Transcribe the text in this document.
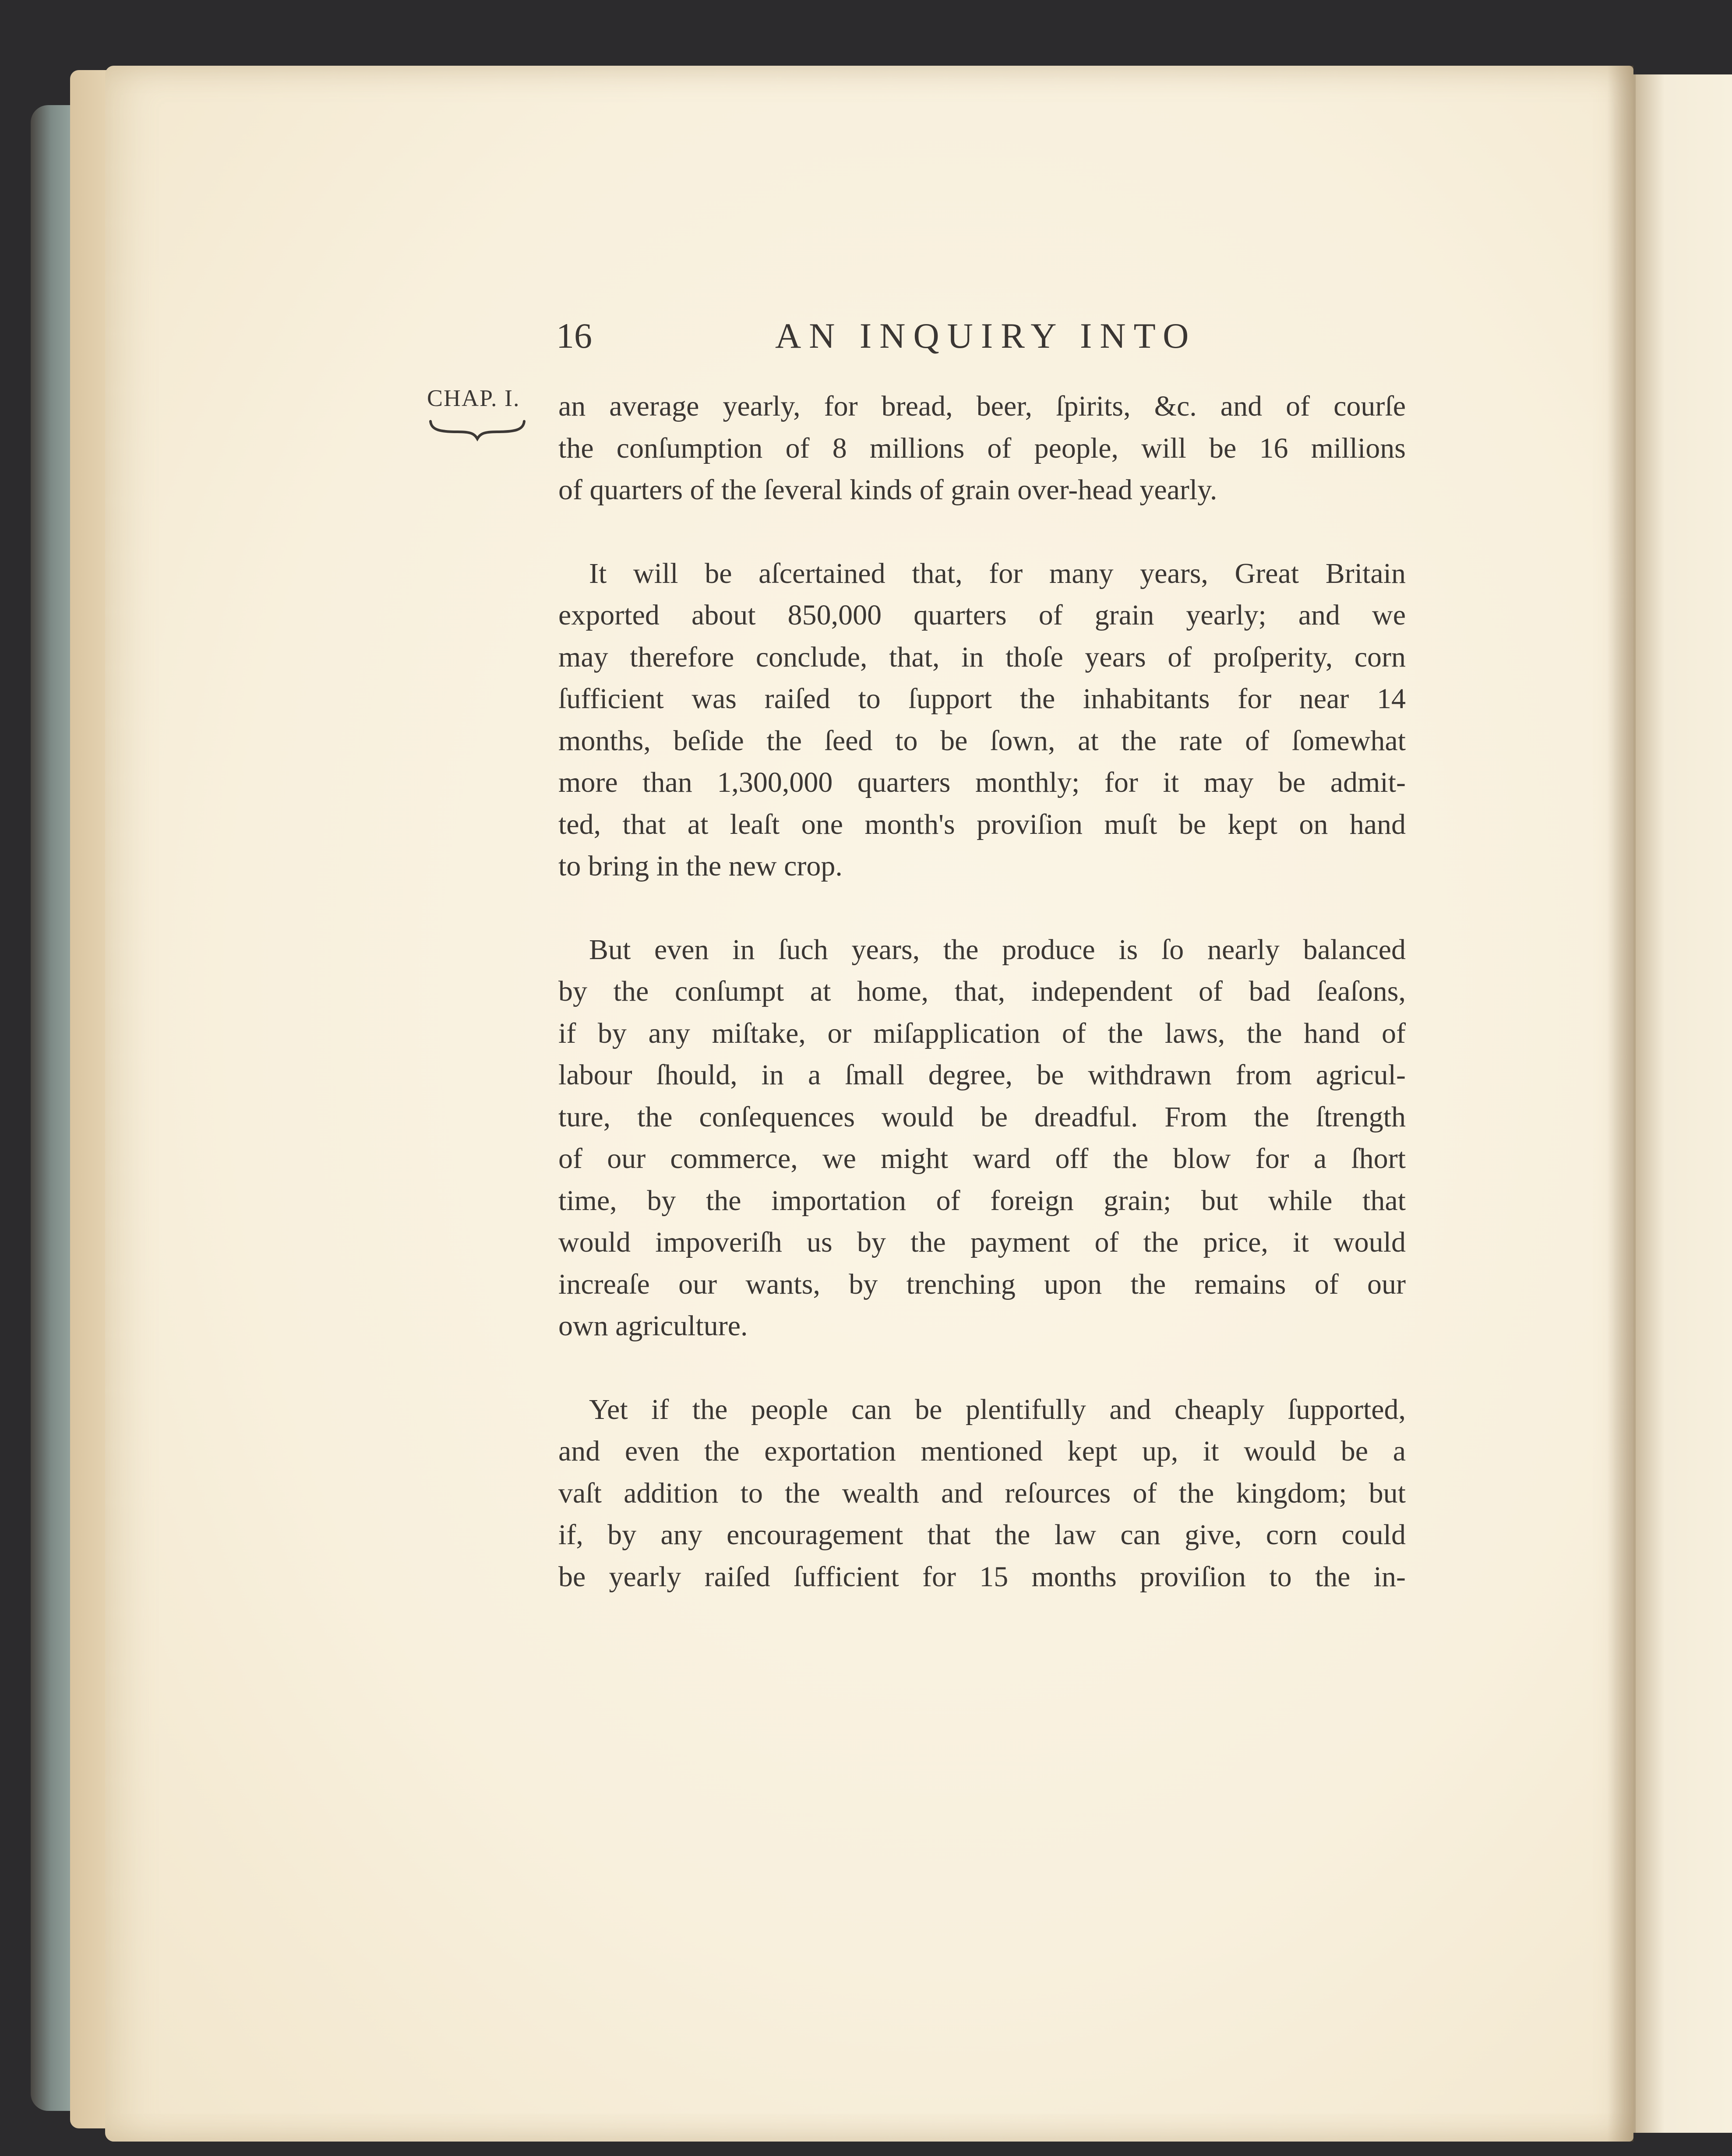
16	AN INQUIRY INTO
CHAP. I.	an average yearly, for bread, beer, ſpirits, &c. and of courſe
the conſumption of 8 millions of people, will be 16 millions
of quarters of the ſeveral kinds of grain over-head yearly.

It will be aſcertained that, for many years, Great Britain
exported about 850,000 quarters of grain yearly; and we
may therefore conclude, that, in thoſe years of proſperity, corn
ſufficient was raiſed to ſupport the inhabitants for near 14
months, beſide the ſeed to be ſown, at the rate of ſomewhat
more than 1,300,000 quarters monthly; for it may be admit-
ted, that at leaſt one month's proviſion muſt be kept on hand
to bring in the new crop.

But even in ſuch years, the produce is ſo nearly balanced
by the conſumpt at home, that, independent of bad ſeaſons,
if by any miſtake, or miſapplication of the laws, the hand of
labour ſhould, in a ſmall degree, be withdrawn from agricul-
ture, the conſequences would be dreadful. From the ſtrength
of our commerce, we might ward off the blow for a ſhort
time, by the importation of foreign grain; but while that
would impoveriſh us by the payment of the price, it would
increaſe our wants, by trenching upon the remains of our
own agriculture.

Yet if the people can be plentifully and cheaply ſupported,
and even the exportation mentioned kept up, it would be a
vaſt addition to the wealth and reſources of the kingdom; but
if, by any encouragement that the law can give, corn could
be yearly raiſed ſufficient for 15 months proviſion to the in-
